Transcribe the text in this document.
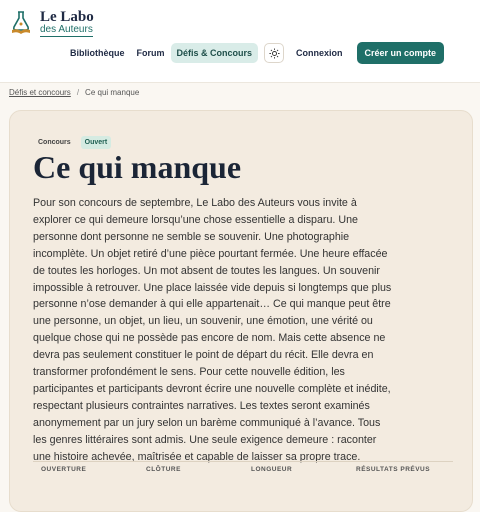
Le Labo
des Auteurs
Bibliothèque	Forum	Défis & Concours	Connexion	Créer un compte
Défis et concours / Ce qui manque
Concours	Ouvert
Ce qui manque
Pour son concours de septembre, Le Labo des Auteurs vous invite à explorer ce qui demeure lorsqu’une chose essentielle a disparu. Une personne dont personne ne semble se souvenir. Une photographie incomplète. Un objet retiré d’une pièce pourtant fermée. Une heure effacée de toutes les horloges. Un mot absent de toutes les langues. Un souvenir impossible à retrouver. Une place laissée vide depuis si longtemps que plus personne n’ose demander à qui elle appartenait… Ce qui manque peut être une personne, un objet, un lieu, un souvenir, une émotion, une vérité ou quelque chose qui ne possède pas encore de nom. Mais cette absence ne devra pas seulement constituer le point de départ du récit. Elle devra en transformer profondément le sens. Pour cette nouvelle édition, les participantes et participants devront écrire une nouvelle complète et inédite, respectant plusieurs contraintes narratives. Les textes seront examinés anonymement par un jury selon un barème communiqué à l’avance. Tous les genres littéraires sont admis. Une seule exigence demeure : raconter une histoire achevée, maîtrisée et capable de laisser sa propre trace.
OUVERTURE	CLÔTURE	LONGUEUR	RÉSULTATS PRÉVUS
